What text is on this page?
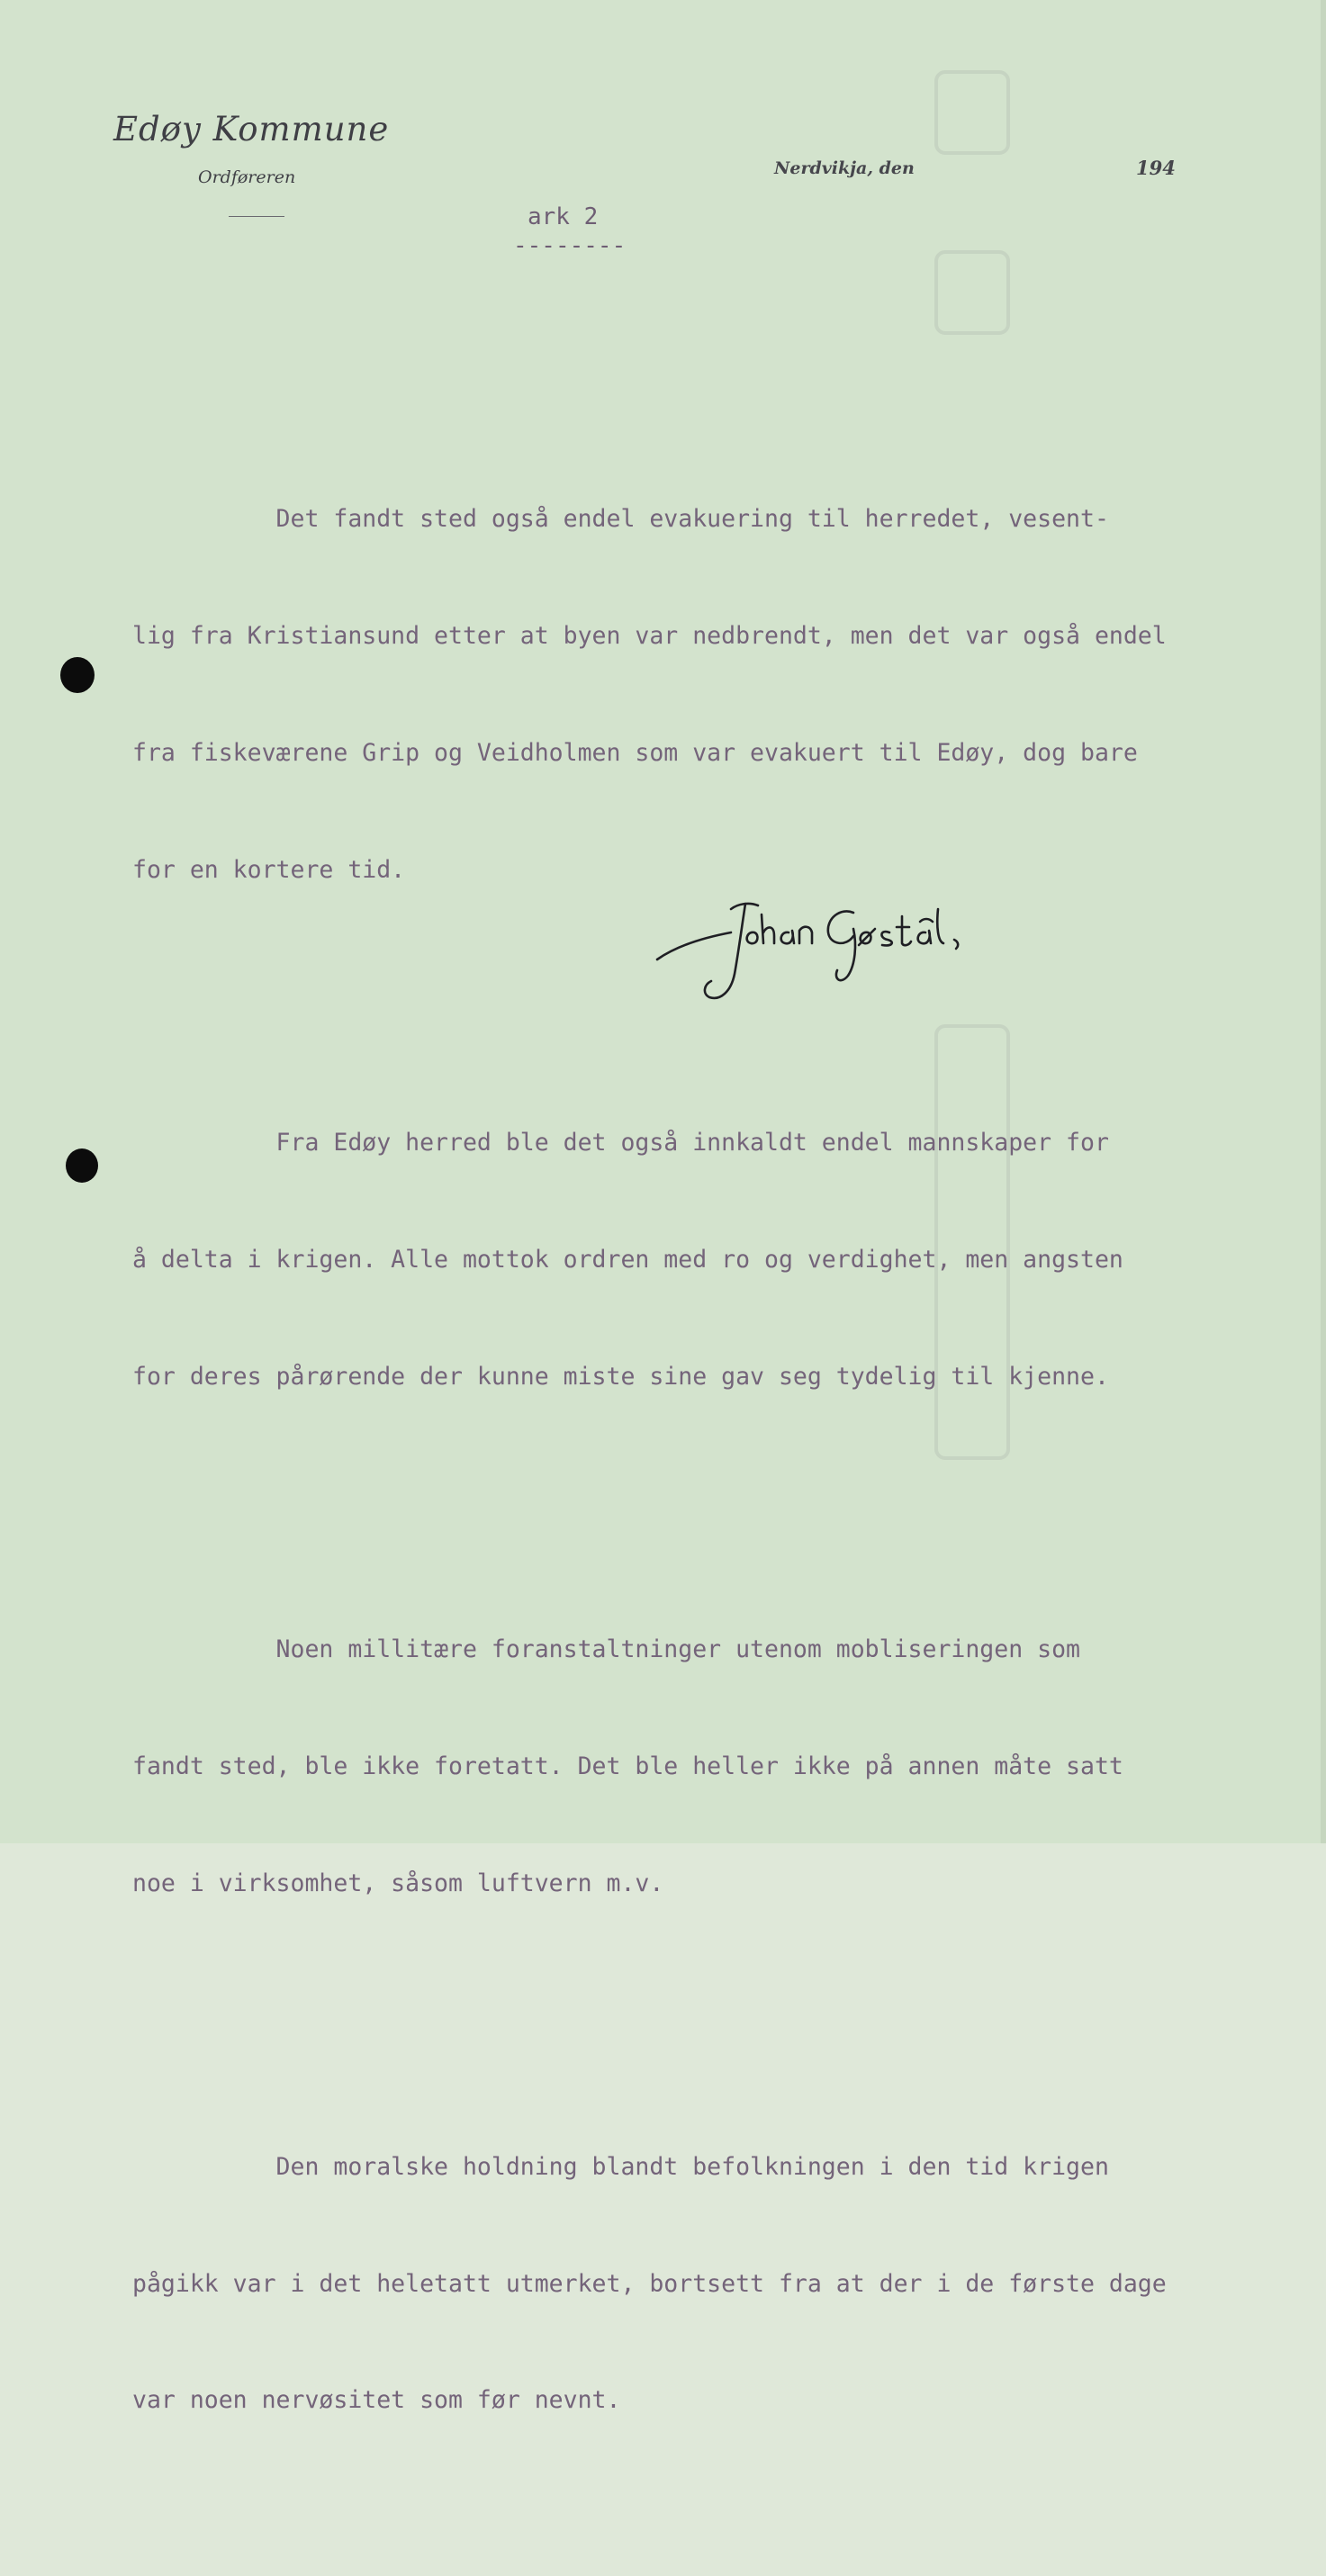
Edøy Kommune
Ordføreren	Nerdvikja, den	194
ark 2
--------

Det fandt sted også endel evakuering til herredet, vesent-

lig fra Kristiansund etter at byen var nedbrendt, men det var også endel

fra fiskeværene Grip og Veidholmen som var evakuert til Edøy, dog bare

for en kortere tid.

Fra Edøy herred ble det også innkaldt endel mannskaper for

å delta i krigen. Alle mottok ordren med ro og verdighet, men angsten

for deres pårørende der kunne miste sine gav seg tydelig til kjenne.

Noen millitære foranstaltninger utenom mobliseringen som

fandt sted, ble ikke foretatt. Det ble heller ikke på annen måte satt

noe i virksomhet, såsom luftvern m.v.

Den moralske holdning blandt befolkningen i den tid krigen

pågikk var i det heletatt utmerket, bortsett fra at der i de første dage

var noen nervøsitet som før nevnt.
